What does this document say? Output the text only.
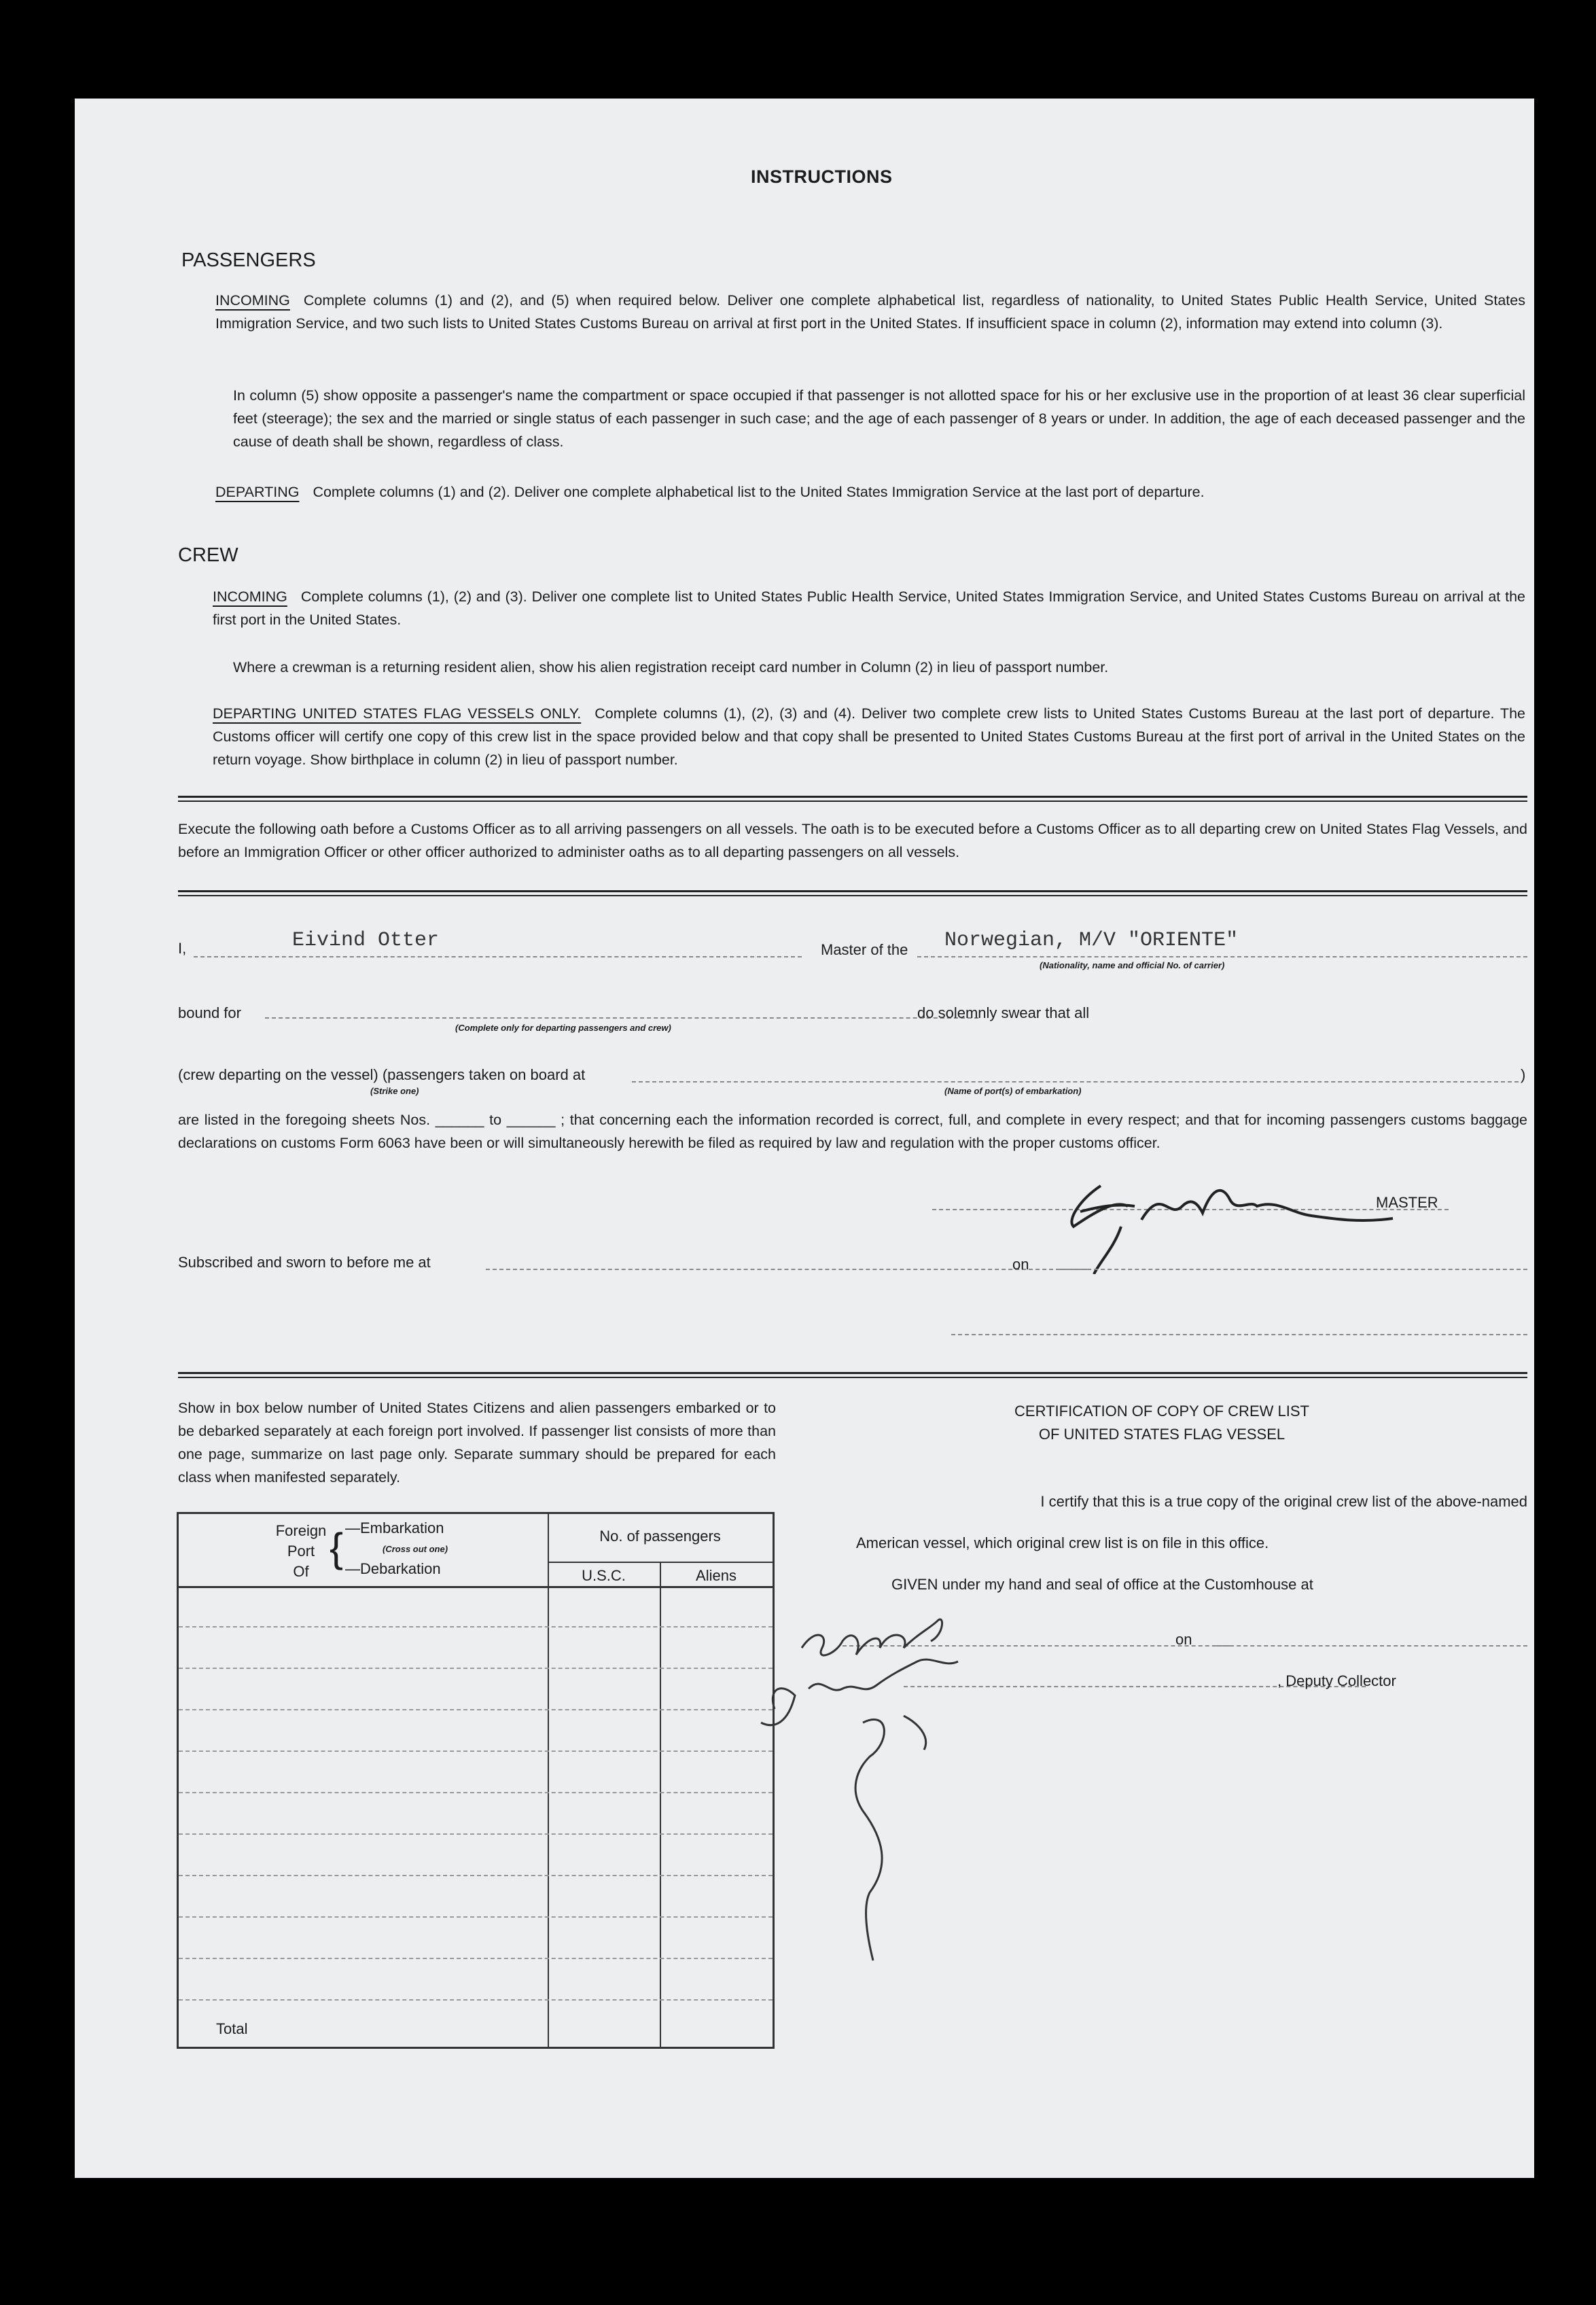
INSTRUCTIONS
PASSENGERS
INCOMING Complete columns (1) and (2), and (5) when required below. Deliver one complete alphabetical list, regardless of nationality, to United States Public Health Service, United States Immigration Service, and two such lists to United States Customs Bureau on arrival at first port in the United States. If insufficient space in column (2), information may extend into column (3).
In column (5) show opposite a passenger's name the compartment or space occupied if that passenger is not allotted space for his or her exclusive use in the proportion of at least 36 clear superficial feet (steerage); the sex and the married or single status of each passenger in such case; and the age of each passenger of 8 years or under. In addition, the age of each deceased passenger and the cause of death shall be shown, regardless of class.
DEPARTING Complete columns (1) and (2). Deliver one complete alphabetical list to the United States Immigration Service at the last port of departure.
CREW
INCOMING Complete columns (1), (2) and (3). Deliver one complete list to United States Public Health Service, United States Immigration Service, and United States Customs Bureau on arrival at the first port in the United States.
Where a crewman is a returning resident alien, show his alien registration receipt card number in Column (2) in lieu of passport number.
DEPARTING UNITED STATES FLAG VESSELS ONLY. Complete columns (1), (2), (3) and (4). Deliver two complete crew lists to United States Customs Bureau at the last port of departure. The Customs officer will certify one copy of this crew list in the space provided below and that copy shall be presented to United States Customs Bureau at the first port of arrival in the United States on the return voyage. Show birthplace in column (2) in lieu of passport number.
Execute the following oath before a Customs Officer as to all arriving passengers on all vessels. The oath is to be executed before a Customs Officer as to all departing crew on United States Flag Vessels, and before an Immigration Officer or other officer authorized to administer oaths as to all departing passengers on all vessels.
I,	Eivind Otter	Master of the Norwegian, M/V "ORIENTE"
(Nationality, name and official No. of carrier)
bound for
(Complete only for departing passengers and crew)
do solemnly swear that all
(crew departing on the vessel) (passengers taken on board at	)
(Strike one)	(Name of port(s) of embarkation)
are listed in the foregoing sheets Nos. ______ to ______ ; that concerning each the information recorded is correct, full, and complete in every respect; and that for incoming passengers customs baggage declarations on customs Form 6063 have been or will simultaneously herewith be filed as required by law and regulation with the proper customs officer.
MASTER
Subscribed and sworn to before me at	on
Show in box below number of United States Citizens and alien passengers embarked or to be debarked separately at each foreign port involved. If passenger list consists of more than one page, summarize on last page only. Separate summary should be prepared for each class when manifested separately.
Foreign
Port
Of
{ —Embarkation
(Cross out one)
—Debarkation
No. of passengers
U.S.C.	Aliens
Total
CERTIFICATION OF COPY OF CREW LIST
OF UNITED STATES FLAG VESSEL
I certify that this is a true copy of the original crew list of the above-named
American vessel, which original crew list is on file in this office.
GIVEN under my hand and seal of office at the Customhouse at
on
, Deputy Collector
